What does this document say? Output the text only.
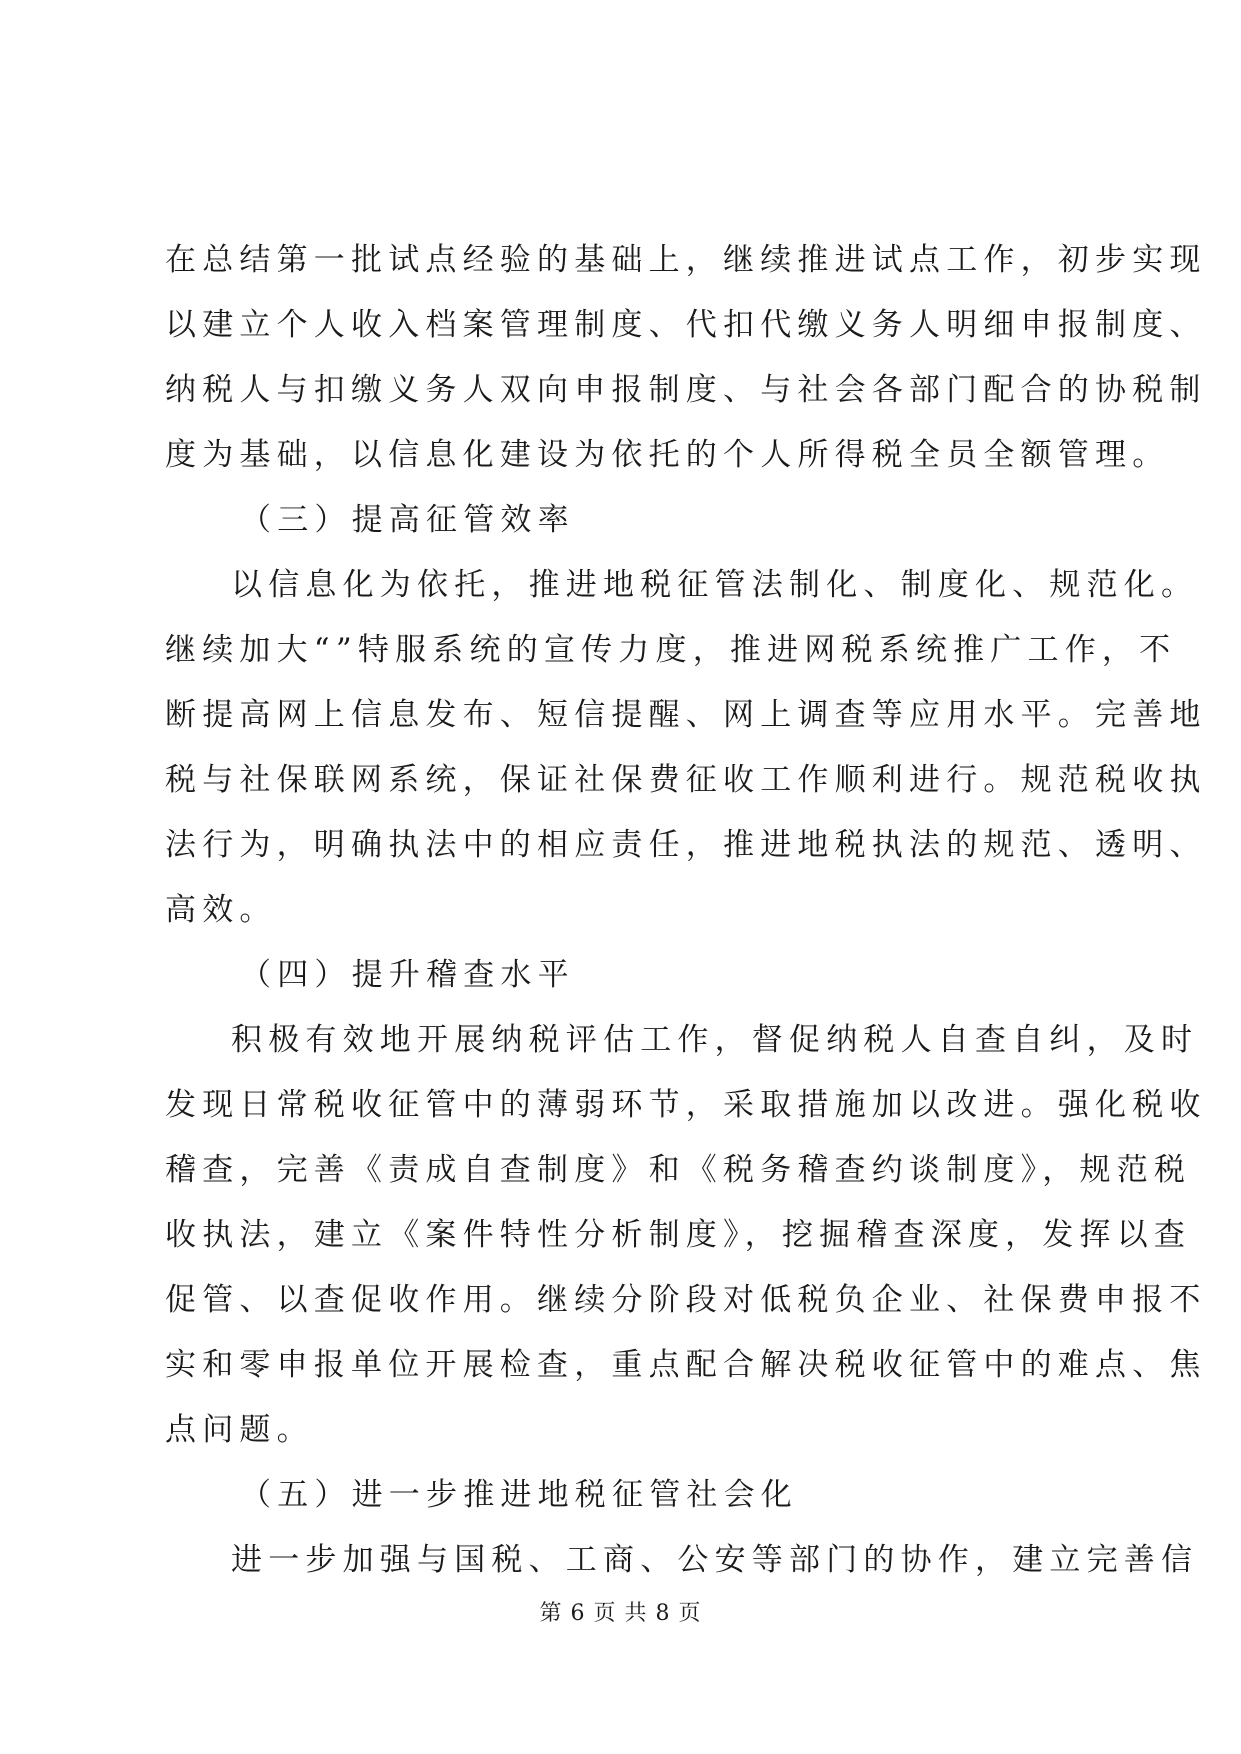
在总结第一批试点经验的基础上，继续推进试点工作，初步实现
以建立个人收入档案管理制度、代扣代缴义务人明细申报制度、
纳税人与扣缴义务人双向申报制度、与社会各部门配合的协税制
度为基础，以信息化建设为依托的个人所得税全员全额管理。
（三）提高征管效率
以信息化为依托，推进地税征管法制化、制度化、规范化。
继续加大“”特服系统的宣传力度，推进网税系统推广工作，不
断提高网上信息发布、短信提醒、网上调查等应用水平。完善地
税与社保联网系统，保证社保费征收工作顺利进行。规范税收执
法行为，明确执法中的相应责任，推进地税执法的规范、透明、
高效。
（四）提升稽查水平
积极有效地开展纳税评估工作，督促纳税人自查自纠，及时
发现日常税收征管中的薄弱环节，采取措施加以改进。强化税收
稽查，完善《责成自查制度》和《税务稽查约谈制度》，规范税
收执法，建立《案件特性分析制度》，挖掘稽查深度，发挥以查
促管、以查促收作用。继续分阶段对低税负企业、社保费申报不
实和零申报单位开展检查，重点配合解决税收征管中的难点、焦
点问题。
（五）进一步推进地税征管社会化
进一步加强与国税、工商、公安等部门的协作，建立完善信
第 6 页 共 8 页
